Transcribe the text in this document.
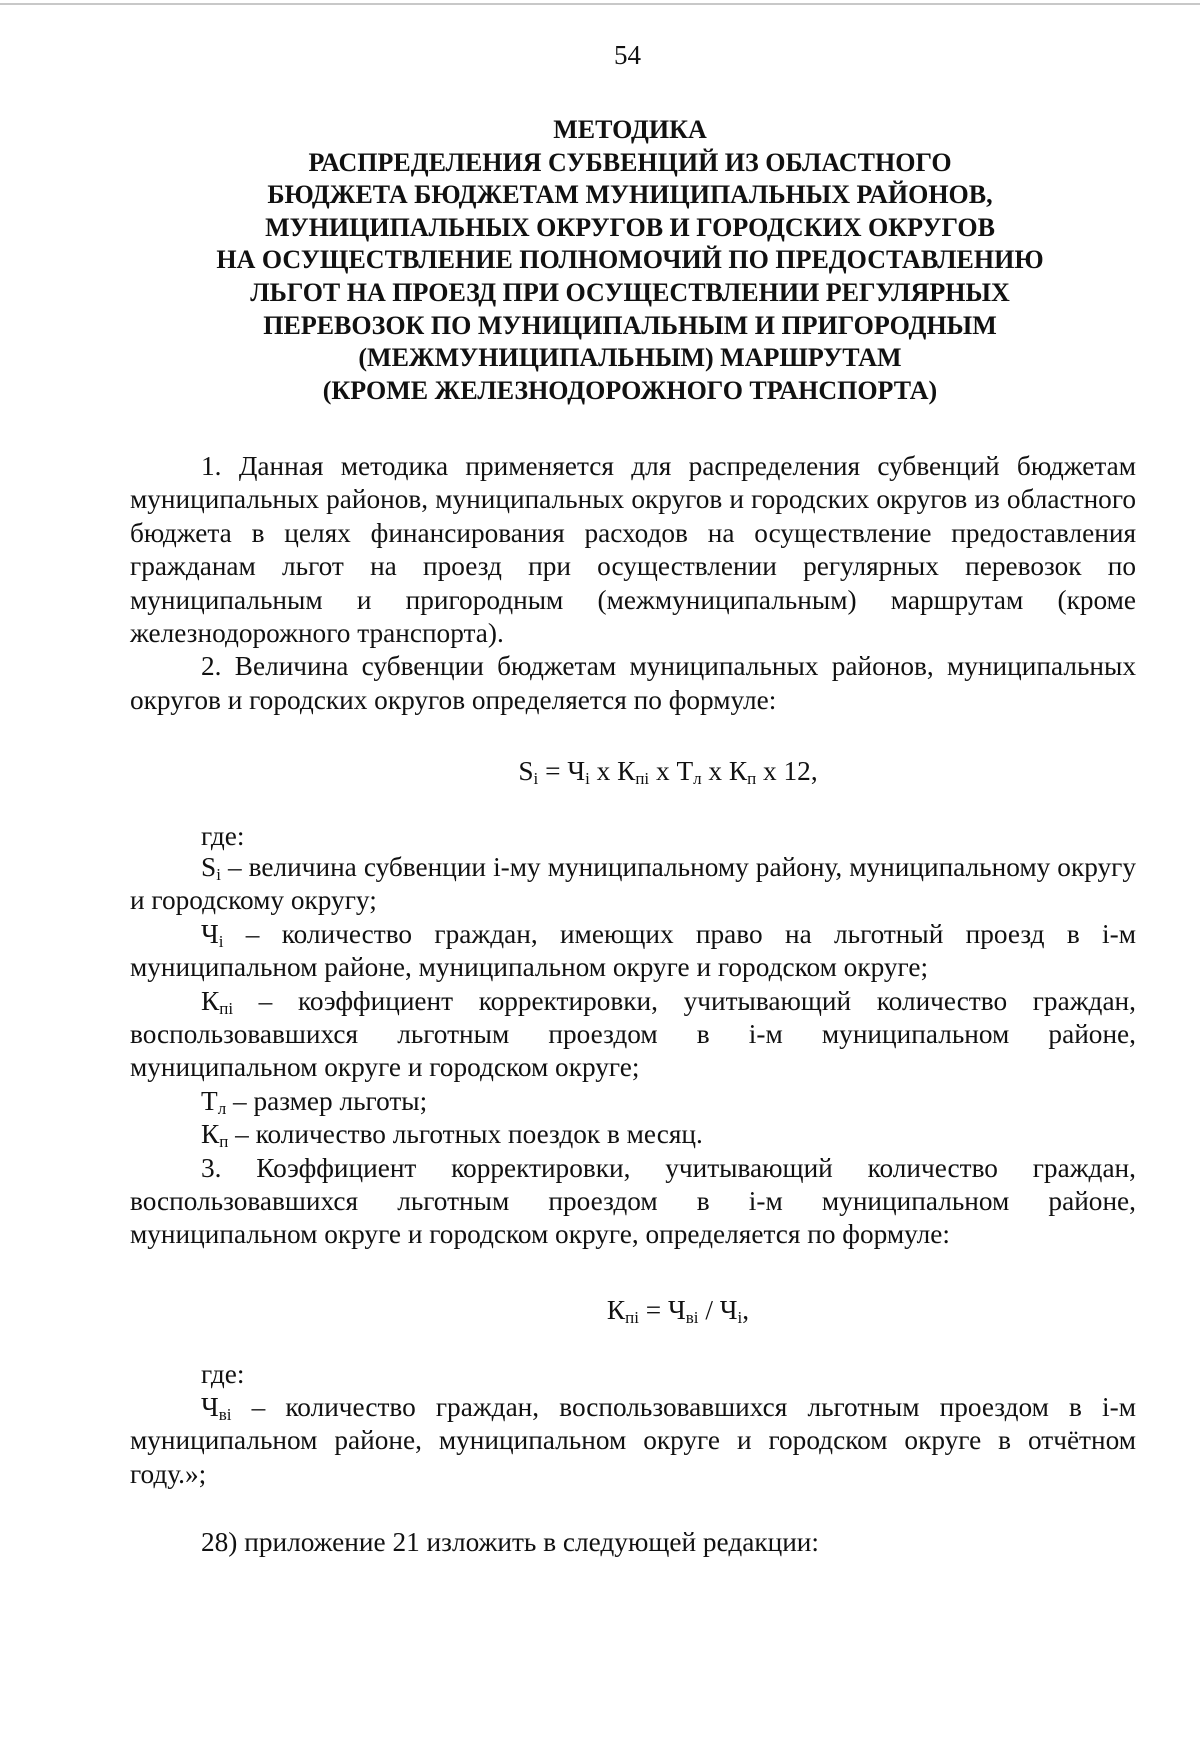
54
МЕТОДИКА
РАСПРЕДЕЛЕНИЯ СУБВЕНЦИЙ ИЗ ОБЛАСТНОГО
БЮДЖЕТА БЮДЖЕТАМ МУНИЦИПАЛЬНЫХ РАЙОНОВ,
МУНИЦИПАЛЬНЫХ ОКРУГОВ И ГОРОДСКИХ ОКРУГОВ
НА ОСУЩЕСТВЛЕНИЕ ПОЛНОМОЧИЙ ПО ПРЕДОСТАВЛЕНИЮ
ЛЬГОТ НА ПРОЕЗД ПРИ ОСУЩЕСТВЛЕНИИ РЕГУЛЯРНЫХ
ПЕРЕВОЗОК ПО МУНИЦИПАЛЬНЫМ И ПРИГОРОДНЫМ
(МЕЖМУНИЦИПАЛЬНЫМ) МАРШРУТАМ
(КРОМЕ ЖЕЛЕЗНОДОРОЖНОГО ТРАНСПОРТА)

1. Данная методика применяется для распределения субвенций бюджетам муниципальных районов, муниципальных округов и городских округов из областного бюджета в целях финансирования расходов на осуществление предоставления гражданам льгот на проезд при осуществлении регулярных перевозок по муниципальным и пригородным (межмуниципальным) маршрутам (кроме железнодорожного транспорта).

2. Величина субвенции бюджетам муниципальных районов, муниципальных округов и городских округов определяется по формуле:

$S_i = Ч_i$ x $К_{пi}$ x $Т_л$ x $К_п$ x 12,

где:

$S_i$ – величина субвенции i-му муниципальному району, муниципальному округу и городскому округу;

$Ч_i$ – количество граждан, имеющих право на льготный проезд в i-м муниципальном районе, муниципальном округе и городском округе;

$К_{пi}$ – коэффициент корректировки, учитывающий количество граждан, воспользовавшихся льготным проездом в i-м муниципальном районе, муниципальном округе и городском округе;

$Т_л$ – размер льготы;

$К_п$ – количество льготных поездок в месяц.

3. Коэффициент корректировки, учитывающий количество граждан, воспользовавшихся льготным проездом в i-м муниципальном районе, муниципальном округе и городском округе, определяется по формуле:

$К_{пi} = Ч_{вi} / Ч_i$,

где:

$Ч_{вi}$ – количество граждан, воспользовавшихся льготным проездом в i-м муниципальном районе, муниципальном округе и городском округе в отчётном году.»;

28) приложение 21 изложить в следующей редакции:
